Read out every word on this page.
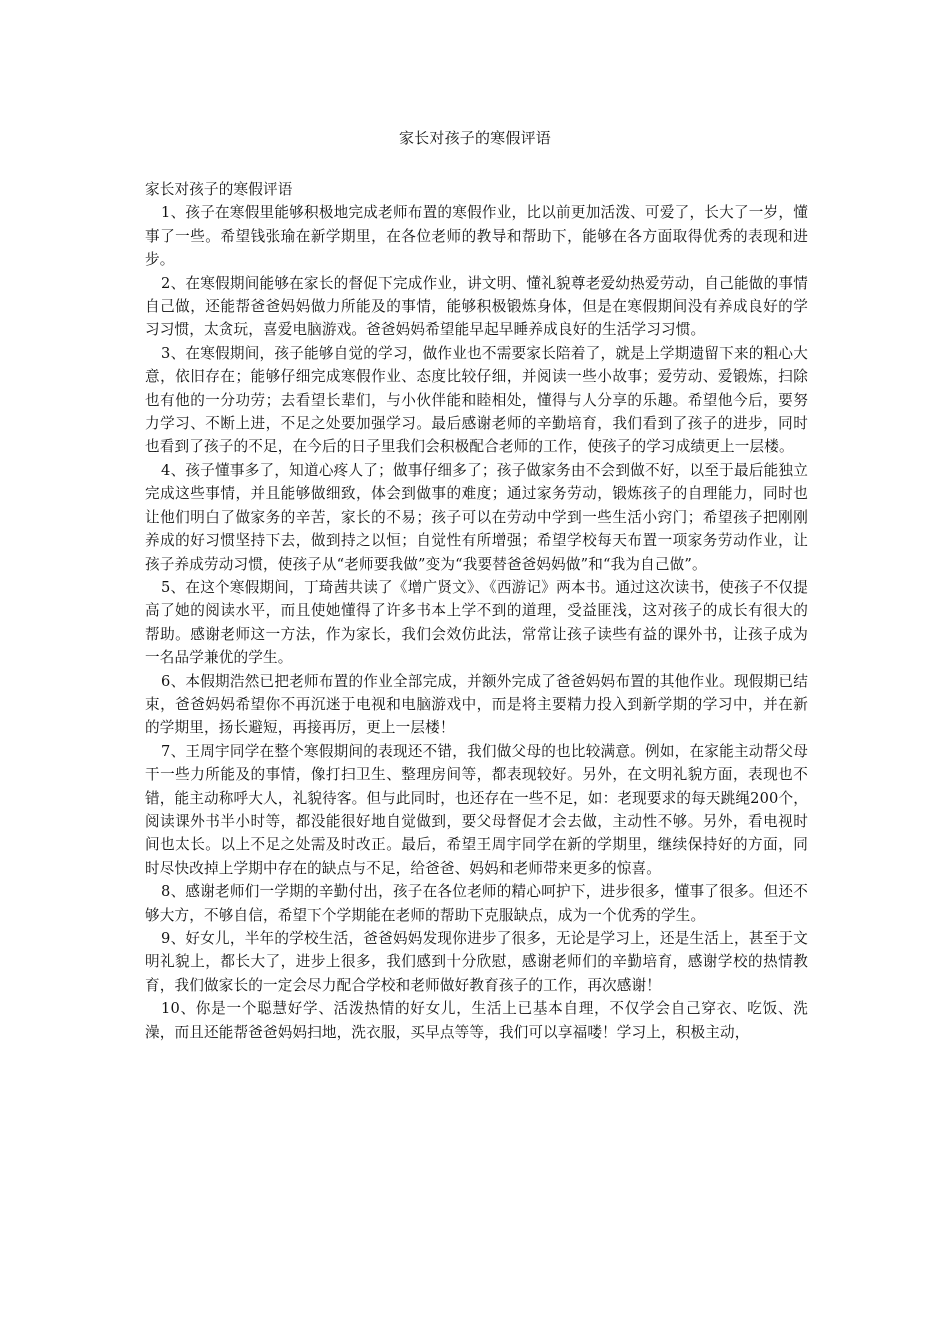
家长对孩子的寒假评语

家长对孩子的寒假评语

1、孩子在寒假里能够积极地完成老师布置的寒假作业，比以前更加活泼、可爱了，长大了一岁，懂事了一些。希望钱张瑜在新学期里，在各位老师的教导和帮助下，能够在各方面取得优秀的表现和进步。

2、在寒假期间能够在家长的督促下完成作业，讲文明、懂礼貌尊老爱幼热爱劳动，自己能做的事情自己做，还能帮爸爸妈妈做力所能及的事情，能够积极锻炼身体，但是在寒假期间没有养成良好的学习习惯，太贪玩，喜爱电脑游戏。爸爸妈妈希望能早起早睡养成良好的生活学习习惯。

3、在寒假期间，孩子能够自觉的学习，做作业也不需要家长陪着了，就是上学期遗留下来的粗心大意，依旧存在；能够仔细完成寒假作业、态度比较仔细，并阅读一些小故事；爱劳动、爱锻炼，扫除也有他的一分功劳；去看望长辈们，与小伙伴能和睦相处，懂得与人分享的乐趣。希望他今后，要努力学习、不断上进，不足之处要加强学习。最后感谢老师的辛勤培育，我们看到了孩子的进步，同时也看到了孩子的不足，在今后的日子里我们会积极配合老师的工作，使孩子的学习成绩更上一层楼。

4、孩子懂事多了，知道心疼人了；做事仔细多了；孩子做家务由不会到做不好，以至于最后能独立完成这些事情，并且能够做细致，体会到做事的难度；通过家务劳动，锻炼孩子的自理能力，同时也让他们明白了做家务的辛苦，家长的不易；孩子可以在劳动中学到一些生活小窍门；希望孩子把刚刚养成的好习惯坚持下去，做到持之以恒；自觉性有所增强；希望学校每天布置一项家务劳动作业，让孩子养成劳动习惯，使孩子从“老师要我做”变为“我要替爸爸妈妈做”和“我为自己做”。

5、在这个寒假期间，丁琦茜共读了《增广贤文》、《西游记》两本书。通过这次读书，使孩子不仅提高了她的阅读水平，而且使她懂得了许多书本上学不到的道理，受益匪浅，这对孩子的成长有很大的帮助。感谢老师这一方法，作为家长，我们会效仿此法，常常让孩子读些有益的课外书，让孩子成为一名品学兼优的学生。

6、本假期浩然已把老师布置的作业全部完成，并额外完成了爸爸妈妈布置的其他作业。现假期已结束，爸爸妈妈希望你不再沉迷于电视和电脑游戏中，而是将主要精力投入到新学期的学习中，并在新的学期里，扬长避短，再接再厉，更上一层楼！

7、王周宇同学在整个寒假期间的表现还不错，我们做父母的也比较满意。例如，在家能主动帮父母干一些力所能及的事情，像打扫卫生、整理房间等，都表现较好。另外，在文明礼貌方面，表现也不错，能主动称呼大人，礼貌待客。但与此同时，也还存在一些不足，如：老现要求的每天跳绳200个，阅读课外书半小时等，都没能很好地自觉做到，要父母督促才会去做，主动性不够。另外，看电视时间也太长。以上不足之处需及时改正。最后，希望王周宇同学在新的学期里，继续保持好的方面，同时尽快改掉上学期中存在的缺点与不足，给爸爸、妈妈和老师带来更多的惊喜。

8、感谢老师们一学期的辛勤付出，孩子在各位老师的精心呵护下，进步很多，懂事了很多。但还不够大方，不够自信，希望下个学期能在老师的帮助下克服缺点，成为一个优秀的学生。

9、好女儿，半年的学校生活，爸爸妈妈发现你进步了很多，无论是学习上，还是生活上，甚至于文明礼貌上，都长大了，进步上很多，我们感到十分欣慰，感谢老师们的辛勤培育，感谢学校的热情教育，我们做家长的一定会尽力配合学校和老师做好教育孩子的工作，再次感谢！

10、你是一个聪慧好学、活泼热情的好女儿，生活上已基本自理，不仅学会自己穿衣、吃饭、洗澡，而且还能帮爸爸妈妈扫地，洗衣服，买早点等等，我们可以享福喽！学习上，积极主动，
